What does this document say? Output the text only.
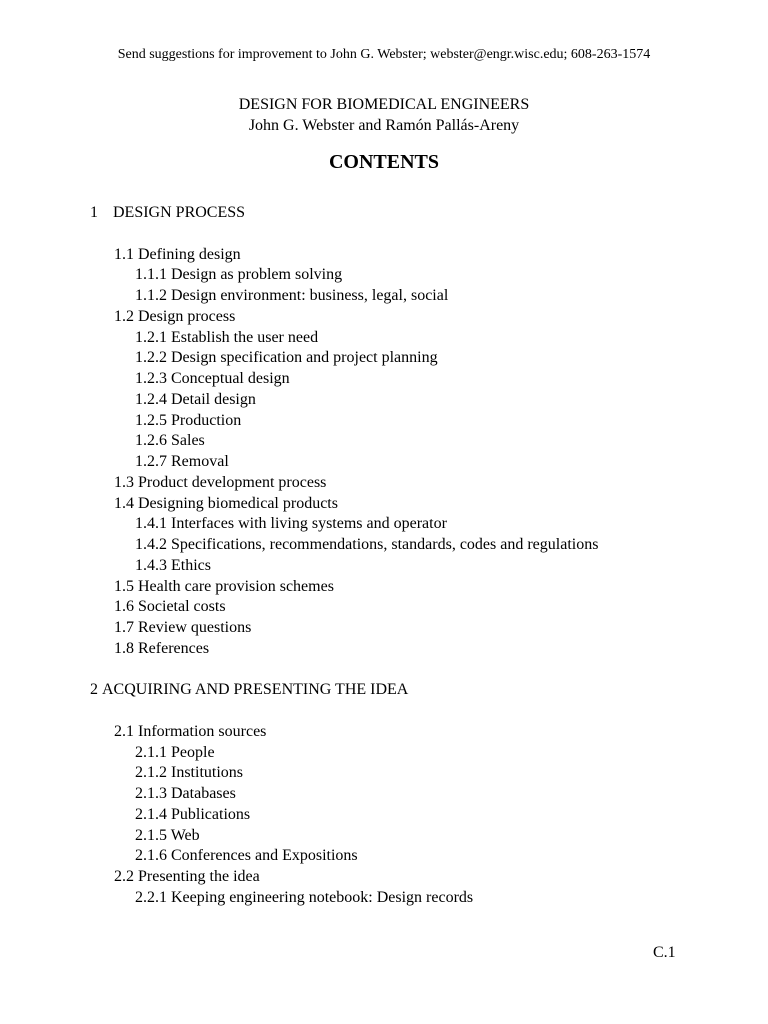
Send suggestions for improvement to John G. Webster; webster@engr.wisc.edu; 608-263-1574
DESIGN FOR BIOMEDICAL ENGINEERS
John G. Webster and Ramón Pallás-Areny
CONTENTS
1 DESIGN PROCESS
1.1 Defining design
1.1.1 Design as problem solving
1.1.2 Design environment: business, legal, social
1.2 Design process
1.2.1 Establish the user need
1.2.2 Design specification and project planning
1.2.3 Conceptual design
1.2.4 Detail design
1.2.5 Production
1.2.6 Sales
1.2.7 Removal
1.3 Product development process
1.4 Designing biomedical products
1.4.1 Interfaces with living systems and operator
1.4.2 Specifications, recommendations, standards, codes and regulations
1.4.3 Ethics
1.5 Health care provision schemes
1.6 Societal costs
1.7 Review questions
1.8 References
2 ACQUIRING AND PRESENTING THE IDEA
2.1 Information sources
2.1.1 People
2.1.2 Institutions
2.1.3 Databases
2.1.4 Publications
2.1.5 Web
2.1.6 Conferences and Expositions
2.2 Presenting the idea
2.2.1 Keeping engineering notebook: Design records
C.1
